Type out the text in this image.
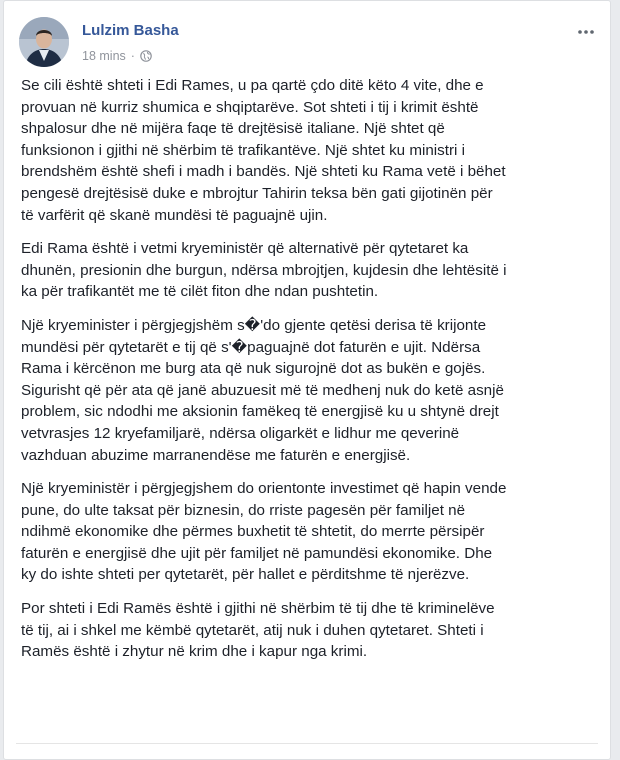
Lulzim Basha
18 mins ·

Se cili është shteti i Edi Rames, u pa qartë çdo ditë këto 4 vite, dhe e
provuan në kurriz shumica e shqiptarëve. Sot shteti i tij i krimit është
shpalosur dhe në mijëra faqe të drejtësisë italiane. Një shtet që
funksionon i gjithi në shërbim të trafikantëve. Një shtet ku ministri i
brendshëm është shefi i madh i bandës. Një shteti ku Rama vetë i bëhet
pengesë drejtësisë duke e mbrojtur Tahirin teksa bën gati gijotinën për
të varfërit që skanë mundësi të paguajnë ujin.

Edi Rama është i vetmi kryeministër që alternativë për qytetaret ka
dhunën, presionin dhe burgun, ndërsa mbrojtjen, kujdesin dhe lehtësitë i
ka për trafikantët me të cilët fiton dhe ndan pushtetin.

Një kryeminister i përgjegjshëm s�'do gjente qetësi derisa të krijonte
mundësi për qytetarët e tij që s'�paguajnë dot faturën e ujit. Ndërsa
Rama i kërcënon me burg ata që nuk sigurojnë dot as bukën e gojës.
Sigurisht që për ata që janë abuzuesit më të medhenj nuk do ketë asnjë
problem, sic ndodhi me aksionin famëkeq të energjisë ku u shtynë drejt
vetvrasjes 12 kryefamiljarë, ndërsa oligarkët e lidhur me qeverinë
vazhduan abuzime marranendëse me faturën e energjisë.

Një kryeministër i përgjegjshem do orientonte investimet që hapin vende
pune, do ulte taksat për biznesin, do rriste pagesën për familjet në
ndihmë ekonomike dhe përmes buxhetit të shtetit, do merrte përsipër
faturën e energjisë dhe ujit për familjet në pamundësi ekonomike. Dhe
ky do ishte shteti per qytetarët, për hallet e përditshme të njerëzve.

Por shteti i Edi Ramës është i gjithi në shërbim të tij dhe të kriminelëve
të tij, ai i shkel me këmbë qytetarët, atij nuk i duhen qytetaret. Shteti i
Ramës është i zhytur në krim dhe i kapur nga krimi.
